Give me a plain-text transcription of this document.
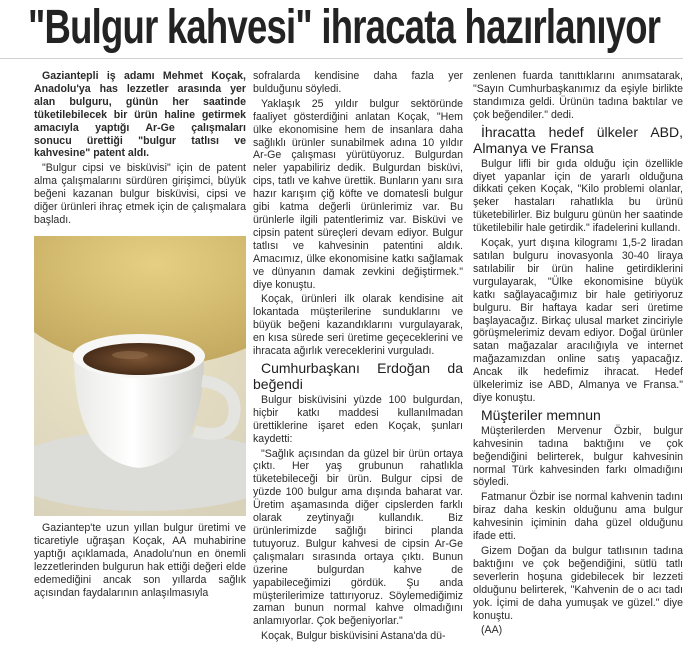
"Bulgur kahvesi" ihracata hazırlanıyor

Gaziantepli iş adamı Mehmet Koçak, Anadolu'ya has lezzetler arasında yer alan bulguru, günün her saatinde tüketilebilecek bir ürün haline getirmek amacıyla yaptığı Ar-Ge çalışmaları sonucu ürettiği "bulgur tatlısı ve kahvesine" patent aldı.

"Bulgur cipsi ve bisküvisi" için de patent alma çalışmalarını sürdüren girişimci, büyük beğeni kazanan bulgur bisküvisi, cipsi ve diğer ürünleri ihraç etmek için de çalışmalara başladı.

Gaziantep'te uzun yıllan bulgur üretimi ve ticaretiyle uğraşan Koçak, AA muhabirine yaptığı açıklamada, Anadolu'nun en önemli lezzetlerinden bulgurun hak ettiği değeri elde edemediğini ancak son yıllarda sağlık açısından faydalarının anlaşılmasıyla

sofralarda kendisine daha fazla yer bulduğunu söyledi.

Yaklaşık 25 yıldır bulgur sektöründe faaliyet gösterdiğini anlatan Koçak, "Hem ülke ekonomisine hem de insanlara daha sağlıklı ürünler sunabilmek adına 10 yıldır Ar-Ge çalışması yürütüyoruz. Bulgurdan neler yapabiliriz dedik. Bulgurdan bisküvi, cips, tatlı ve kahve ürettik. Bunların yanı sıra hazır karışım çiğ köfte ve domatesli bulgur gibi katma değerli ürünlerimiz var. Bu ürünlerle ilgili patentlerimiz var. Bisküvi ve cipsin patent süreçleri devam ediyor. Bulgur tatlısı ve kahvesinin patentini aldık. Amacımız, ülke ekonomisine katkı sağlamak ve dünyanın damak zevkini değiştirmek." diye konuştu.

Koçak, ürünleri ilk olarak kendisine ait lokantada müşterilerine sunduklarını ve büyük beğeni kazandıklarını vurgulayarak, en kısa sürede seri üretime geçeceklerini ve ihracata ağırlık vereceklerini vurguladı.

Cumhurbaşkanı Erdoğan da beğendi

Bulgur bisküvisini yüzde 100 bulgurdan, hiçbir katkı maddesi kullanılmadan ürettiklerine işaret eden Koçak, şunları kaydetti:

"Sağlık açısından da güzel bir ürün ortaya çıktı. Her yaş grubunun rahatlıkla tüketebileceği bir ürün. Bulgur cipsi de yüzde 100 bulgur ama dışında baharat var. Üretim aşamasında diğer cipslerden farklı olarak zeytinyağı kullandık. Biz ürünlerimizde sağlığı birinci planda tutuyoruz. Bulgur kahvesi de cipsin Ar-Ge çalışmaları sırasında ortaya çıktı. Bunun üzerine bulgurdan kahve de yapabileceğimizi gördük. Şu anda müşterilerimize tattırıyoruz. Söylemediğimiz zaman bunun normal kahve olmadığını anlamıyorlar. Çok beğeniyorlar."

Koçak, Bulgur bisküvisini Astana'da dü-

zenlenen fuarda tanıttıklarını anımsatarak, "Sayın Cumhurbaşkanımız da eşiyle birlikte standımıza geldi. Ürünün tadına baktılar ve çok beğendiler." dedi.

İhracatta hedef ülkeler ABD, Almanya ve Fransa

Bulgur lifli bir gıda olduğu için özellikle diyet yapanlar için de yararlı olduğuna dikkati çeken Koçak, "Kilo problemi olanlar, şeker hastaları rahatlıkla bu ürünü tüketebilirler. Biz bulguru günün her saatinde tüketilebilir hale getirdik." ifadelerini kullandı.

Koçak, yurt dışına kilogramı 1,5-2 liradan satılan bulguru inovasyonla 30-40 liraya satılabilir bir ürün haline getirdiklerini vurgulayarak, "Ülke ekonomisine büyük katkı sağlayacağımız bir hale getiriyoruz bulguru. Bir haftaya kadar seri üretime başlayacağız. Birkaç ulusal market zinciriyle görüşmelerimiz devam ediyor. Doğal ürünler satan mağazalar aracılığıyla ve internet mağazamızdan online satış yapacağız. Ancak ilk hedefimiz ihracat. Hedef ülkelerimiz ise ABD, Almanya ve Fransa." diye konuştu.

Müşteriler memnun

Müşterilerden Mervenur Özbir, bulgur kahvesinin tadına baktığını ve çok beğendiğini belirterek, bulgur kahvesinin normal Türk kahvesinden farkı olmadığını söyledi.

Fatmanur Özbir ise normal kahvenin tadını biraz daha keskin olduğunu ama bulgur kahvesinin içiminin daha güzel olduğunu ifade etti.

Gizem Doğan da bulgur tatlısının tadına baktığını ve çok beğendiğini, sütlü tatlı severlerin hoşuna gidebilecek bir lezzeti olduğunu belirterek, "Kahvenin de o acı tadı yok. İçimi de daha yumuşak ve güzel." diye konuştu.

(AA)
